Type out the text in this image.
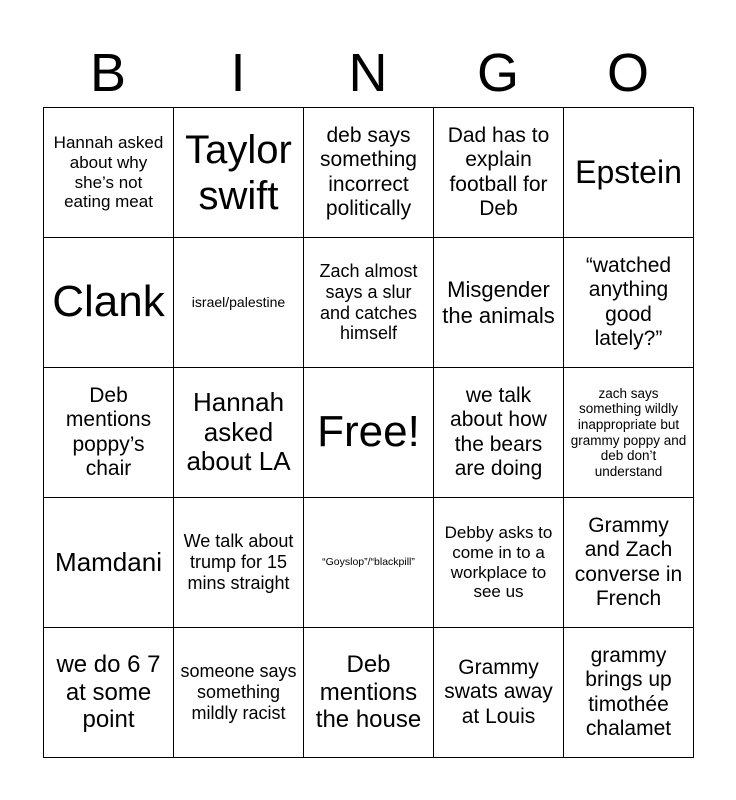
B	I	N	G	O
Hannah asked about why she’s not eating meat
Taylor swift
deb says something incorrect politically
Dad has to explain football for Deb
Epstein
Clank israel/palestine
Zach almost says a slur and catches himself
Misgender the animals
“watched anything good lately?”
Deb mentions poppy’s chair
Hannah asked about LA
Free!
we talk about how the bears are doing
zach says something wildly inappropriate but grammy poppy and deb don’t understand
Mamdani
We talk about trump for 15 mins straight
“Goyslop”/“blackpill”
Debby asks to come in to a workplace to see us
Grammy and Zach converse in French
we do 6 7 at some point
someone says something mildly racist
Deb mentions the house
Grammy swats away at Louis
grammy brings up timothée chalamet
